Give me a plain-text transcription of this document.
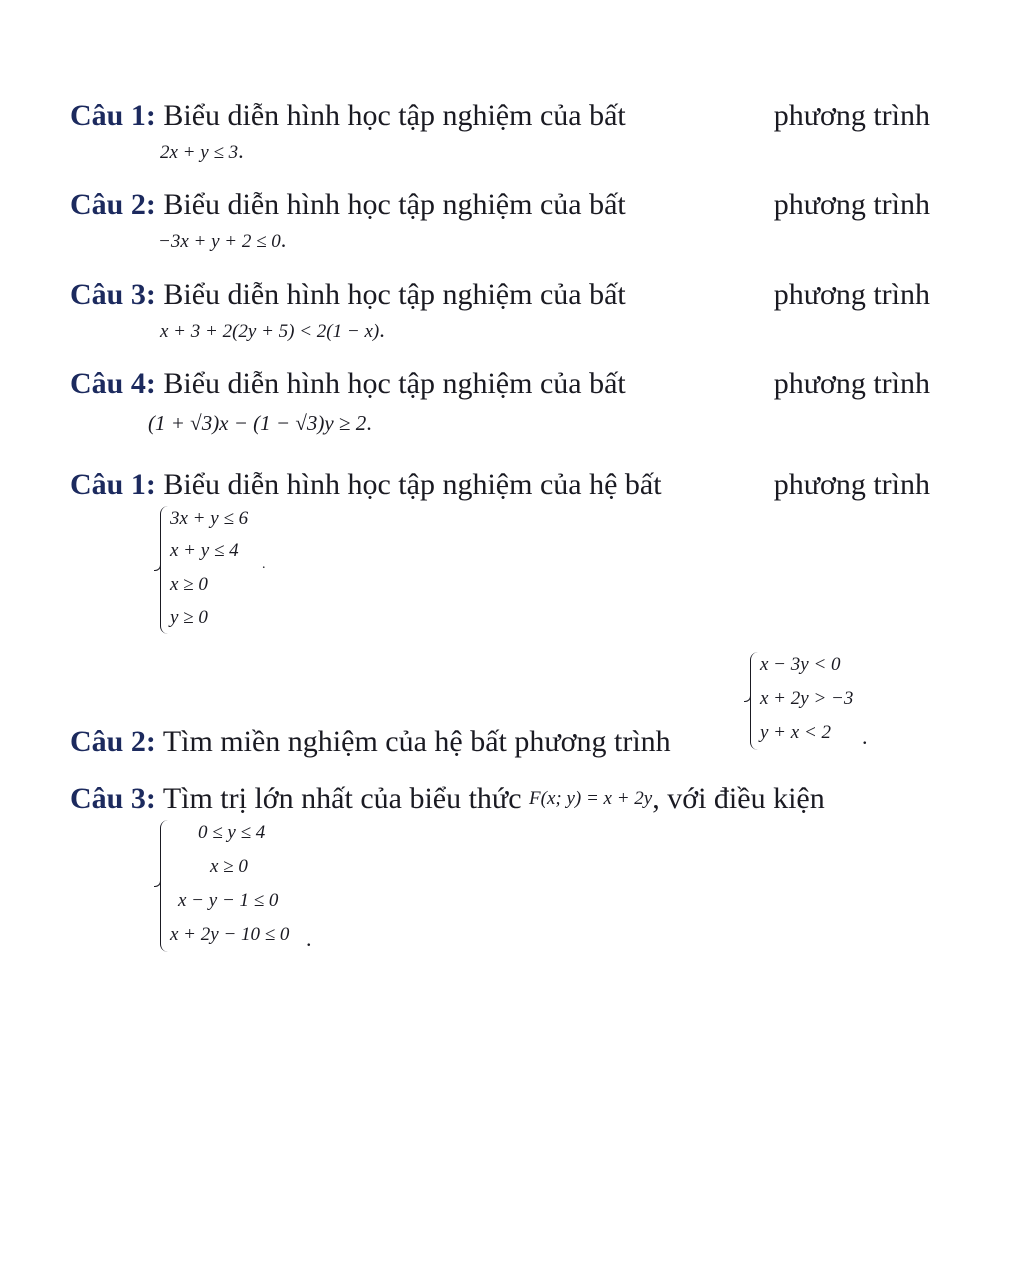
Câu 1: Biểu diễn hình học tập nghiệm của bất	phương trình
2x + y ≤ 3.
Câu 2: Biểu diễn hình học tập nghiệm của bất	phương trình
−3x + y + 2 ≤ 0.
Câu 3: Biểu diễn hình học tập nghiệm của bất	phương trình
x + 3 + 2(2y + 5) < 2(1 − x).
Câu 4: Biểu diễn hình học tập nghiệm của bất	phương trình
(1 + √3)x − (1 − √3)y ≥ 2.
Câu 1: Biểu diễn hình học tập nghiệm của hệ bất	phương trình
3x + y ≤ 6
x + y ≤ 4
x ≥ 0
y ≥ 0
.
Câu 2: Tìm miền nghiệm của hệ bất phương trình
x − 3y < 0
x + 2y > −3
y + x < 2 .
Câu 3: Tìm trị lớn nhất của biểu thức F(x; y) = x + 2y, với điều kiện
0 ≤ y ≤ 4
x ≥ 0
x − y − 1 ≤ 0
x + 2y − 10 ≤ 0 .
